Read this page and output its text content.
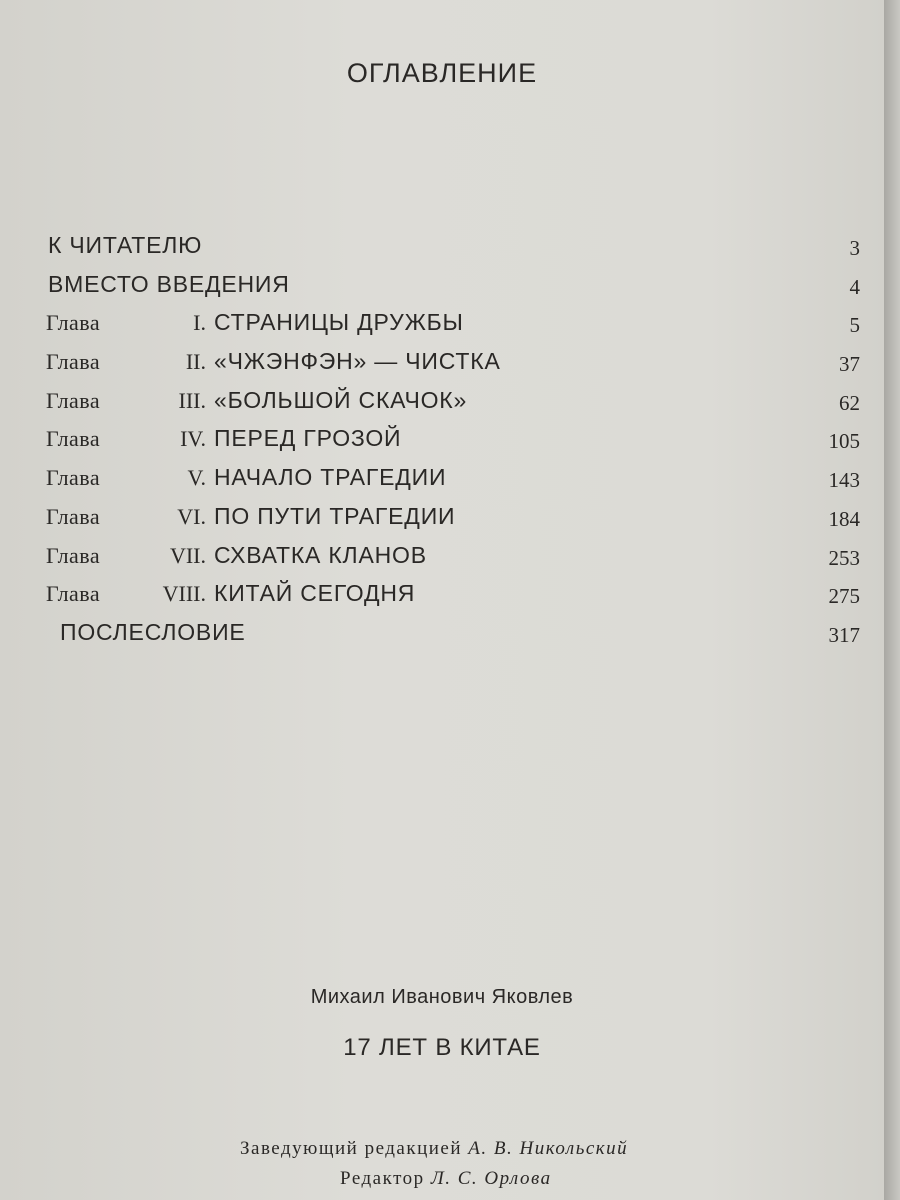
ОГЛАВЛЕНИЕ
К ЧИТАТЕЛЮ	3
ВМЕСТО ВВЕДЕНИЯ	4
Глава	I. СТРАНИЦЫ ДРУЖБЫ	5
Глава	II. «ЧЖЭНФЭН» — ЧИСТКА	37
Глава	III. «БОЛЬШОЙ СКАЧОК»	62
Глава	IV. ПЕРЕД ГРОЗОЙ	105
Глава	V. НАЧАЛО ТРАГЕДИИ	143
Глава	VI. ПО ПУТИ ТРАГЕДИИ	184
Глава	VII. СХВАТКА КЛАНОВ	253
Глава	VIII. КИТАЙ СЕГОДНЯ	275
ПОСЛЕСЛОВИЕ	317
Михаил Иванович Яковлев
17 ЛЕТ В КИТАЕ
Заведующий редакцией А. В. Никольский
Редактор Л. С. Орлова
